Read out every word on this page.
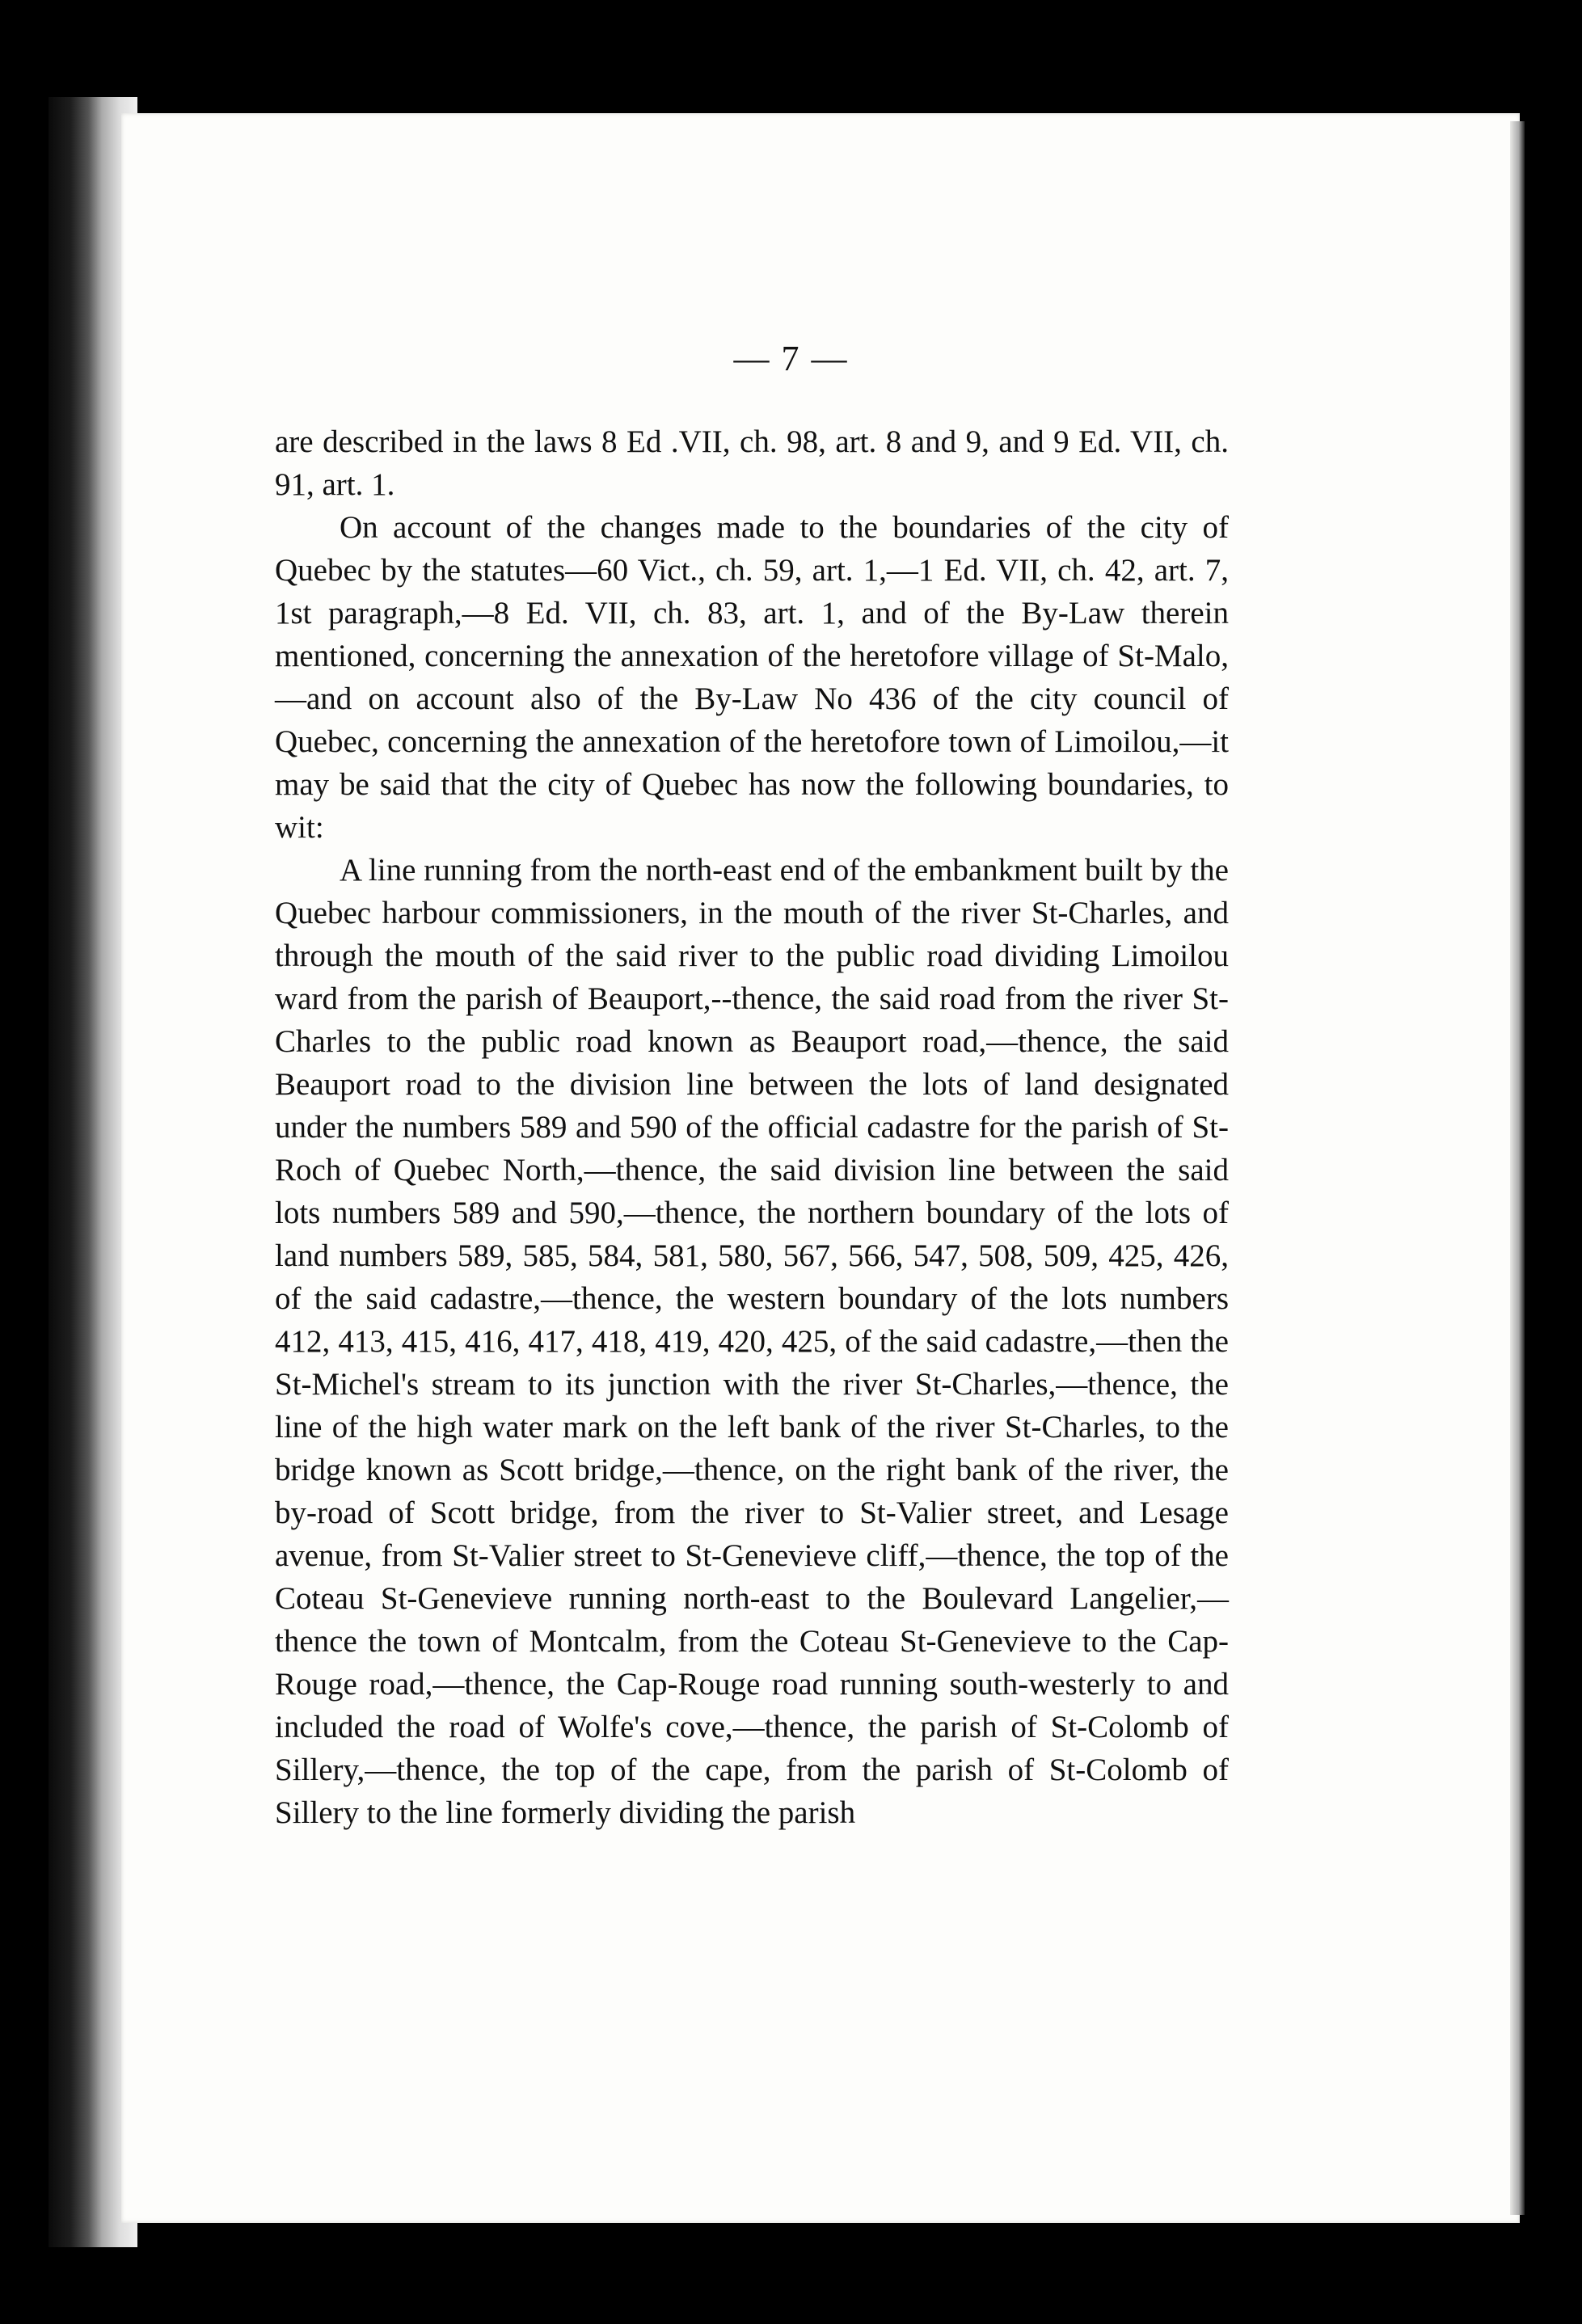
— 7 —

are described in the laws 8 Ed .VII, ch. 98, art. 8 and 9, and 9 Ed. VII, ch. 91, art. 1.

On account of the changes made to the boundaries of the city of Quebec by the statutes—60 Vict., ch. 59, art. 1,—1 Ed. VII, ch. 42, art. 7, 1st paragraph,—8 Ed. VII, ch. 83, art. 1, and of the By-Law therein mentioned, concerning the annexation of the heretofore village of St-Malo, —and on account also of the By-Law No 436 of the city council of Quebec, concerning the annexation of the heretofore town of Limoilou,—it may be said that the city of Quebec has now the following boundaries, to wit:

A line running from the north-east end of the embankment built by the Quebec harbour commissioners, in the mouth of the river St-Charles, and through the mouth of the said river to the public road dividing Limoilou ward from the parish of Beauport,--thence, the said road from the river St-Charles to the public road known as Beauport road,—thence, the said Beauport road to the division line between the lots of land designated under the numbers 589 and 590 of the official cadastre for the parish of St-Roch of Quebec North,—thence, the said division line between the said lots numbers 589 and 590,—thence, the northern boundary of the lots of land numbers 589, 585, 584, 581, 580, 567, 566, 547, 508, 509, 425, 426, of the said cadastre,—thence, the western boundary of the lots numbers 412, 413, 415, 416, 417, 418, 419, 420, 425, of the said cadastre,—then the St-Michel's stream to its junction with the river St-Charles,—thence, the line of the high water mark on the left bank of the river St-Charles, to the bridge known as Scott bridge,—thence, on the right bank of the river, the by-road of Scott bridge, from the river to St-Valier street, and Lesage avenue, from St-Valier street to St-Genevieve cliff,—thence, the top of the Coteau St-Genevieve running north-east to the Boulevard Langelier,—thence the town of Montcalm, from the Coteau St-Genevieve to the Cap-Rouge road,—thence, the Cap-Rouge road running south-westerly to and included the road of Wolfe's cove,—thence, the parish of St-Colomb of Sillery,—thence, the top of the cape, from the parish of St-Colomb of Sillery to the line formerly dividing the parish
